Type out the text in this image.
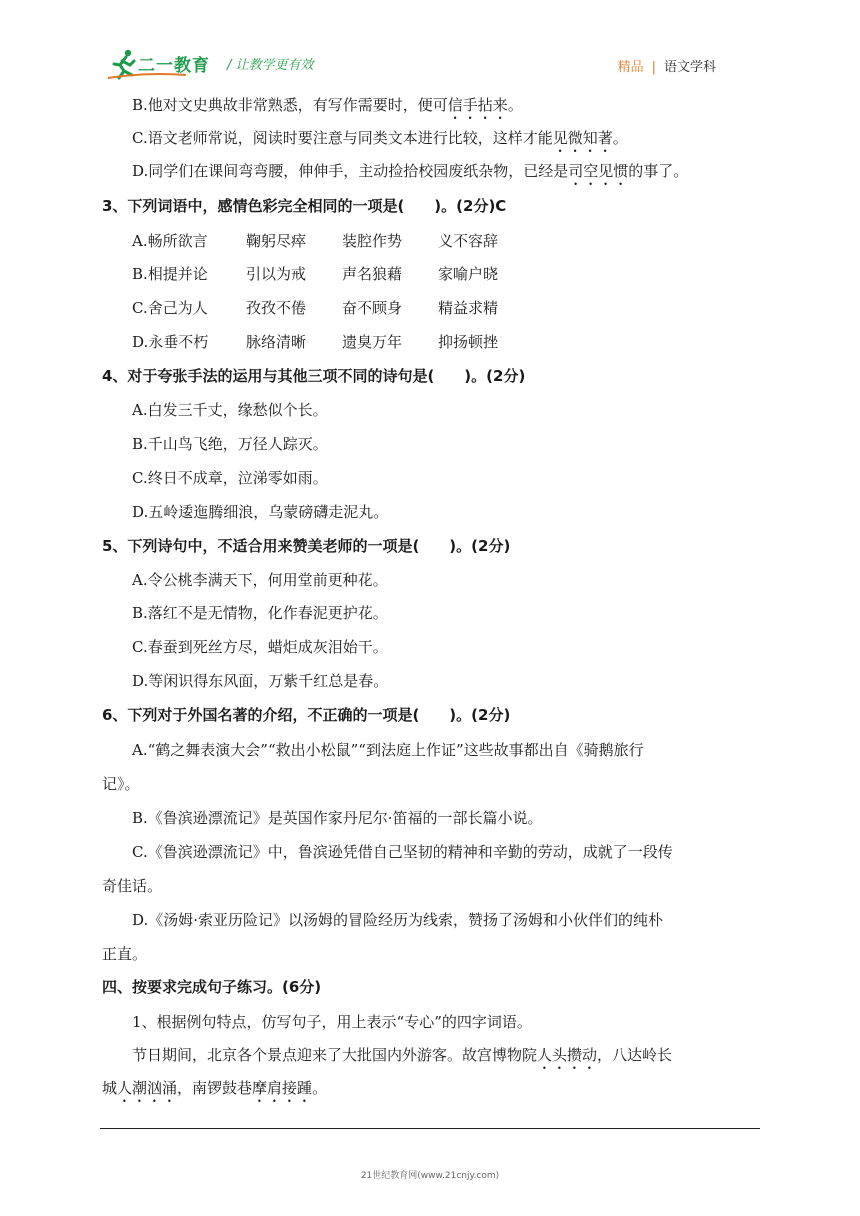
二一教育 / 让教学更有效	精品 | 语文学科
B.他对文史典故非常熟悉，有写作需要时，便可信手拈来。
C.语文老师常说，阅读时要注意与同类文本进行比较，这样才能见微知著。
D.同学们在课间弯弯腰，伸伸手，主动捡拾校园废纸杂物，已经是司空见惯的事了。
3、下列词语中，感情色彩完全相同的一项是(　　)。(2分)C
A.畅所欲言	鞠躬尽瘁 装腔作势 义不容辞
B.相提并论	引以为戒 声名狼藉 家喻户晓
C.舍己为人	孜孜不倦 奋不顾身 精益求精
D.永垂不朽	脉络清晰 遗臭万年 抑扬顿挫
4、对于夸张手法的运用与其他三项不同的诗句是(　　)。(2分)
A.白发三千丈，缘愁似个长。
B.千山鸟飞绝，万径人踪灭。
C.终日不成章，泣涕零如雨。
D.五岭逶迤腾细浪，乌蒙磅礴走泥丸。
5、下列诗句中，不适合用来赞美老师的一项是(　　)。(2分)
A.令公桃李满天下，何用堂前更种花。
B.落红不是无情物，化作春泥更护花。
C.春蚕到死丝方尽，蜡炬成灰泪始干。
D.等闲识得东风面，万紫千红总是春。
6、下列对于外国名著的介绍，不正确的一项是(　　)。(2分)
A.“鹤之舞表演大会”“救出小松鼠”“到法庭上作证”这些故事都出自《骑鹅旅行
记》。
B.《鲁滨逊漂流记》是英国作家丹尼尔·笛福的一部长篇小说。
C.《鲁滨逊漂流记》中，鲁滨逊凭借自己坚韧的精神和辛勤的劳动，成就了一段传
奇佳话。
D.《汤姆·索亚历险记》以汤姆的冒险经历为线索，赞扬了汤姆和小伙伴们的纯朴
正直。
四、按要求完成句子练习。(6分)
1、根据例句特点，仿写句子，用上表示“专心”的四字词语。
节日期间，北京各个景点迎来了大批国内外游客。故宫博物院人头攒动，八达岭长
城人潮汹涌，南锣鼓巷摩肩接踵。
21世纪教育网(www.21cnjy.com)
